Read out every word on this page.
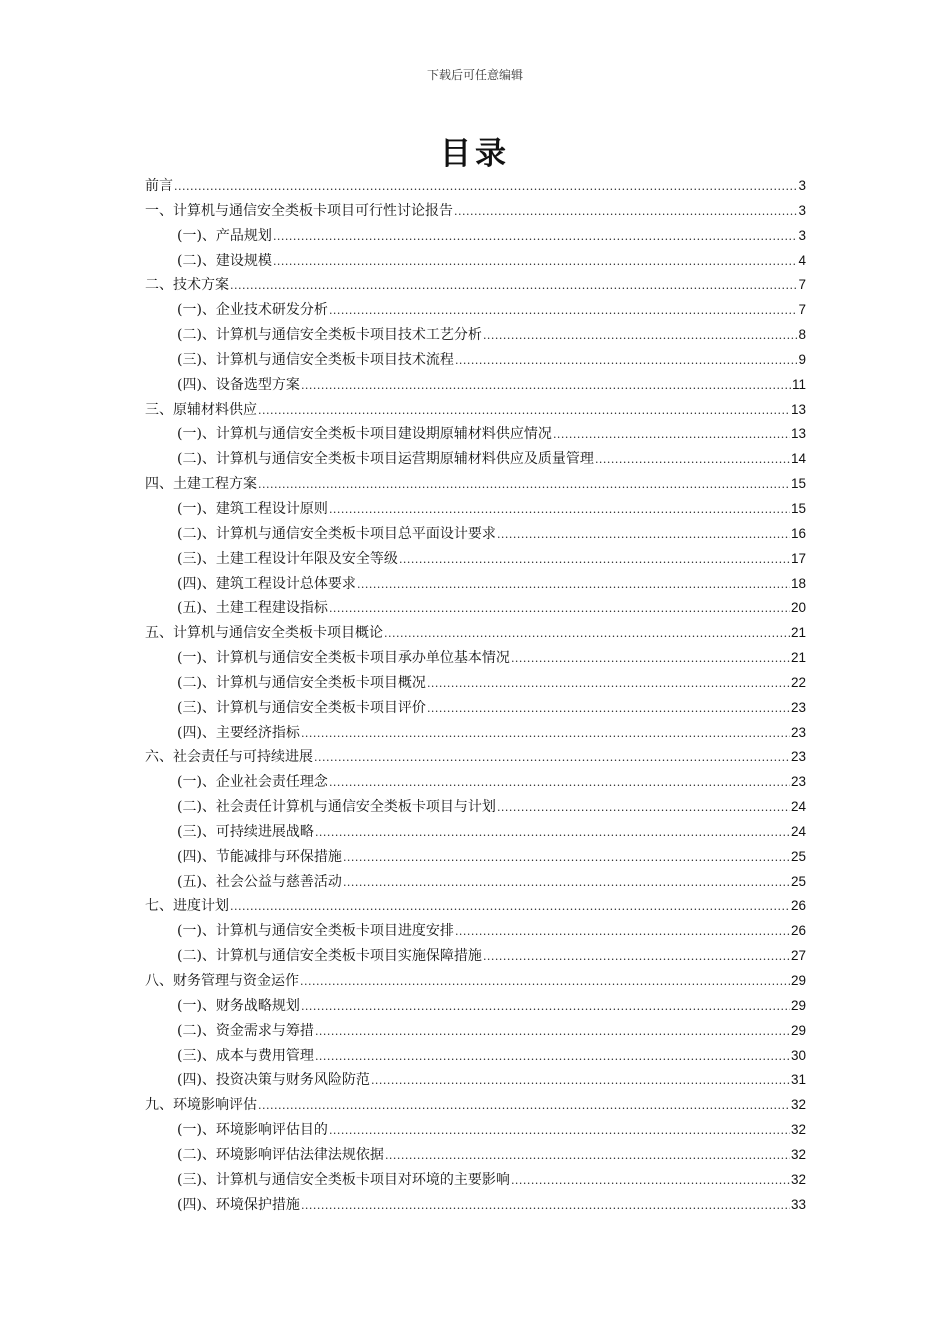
下载后可任意编辑
目录
前言 .....	3
一、计算机与通信安全类板卡项目可行性讨论报告 .....	3
(一)、产品规划 .....	3
(二)、建设规模 .....	4
二、技术方案 .....	7
(一)、企业技术研发分析 .....	7
(二)、计算机与通信安全类板卡项目技术工艺分析 .....	8
(三)、计算机与通信安全类板卡项目技术流程 .....	9
(四)、设备选型方案 .....	11
三、原辅材料供应 .....	13
(一)、计算机与通信安全类板卡项目建设期原辅材料供应情况 .....	13
(二)、计算机与通信安全类板卡项目运营期原辅材料供应及质量管理 .....	14
四、土建工程方案 .....	15
(一)、建筑工程设计原则 .....	15
(二)、计算机与通信安全类板卡项目总平面设计要求 .....	16
(三)、土建工程设计年限及安全等级 .....	17
(四)、建筑工程设计总体要求 .....	18
(五)、土建工程建设指标 .....	20
五、计算机与通信安全类板卡项目概论 .....	21
(一)、计算机与通信安全类板卡项目承办单位基本情况 .....	21
(二)、计算机与通信安全类板卡项目概况 .....	22
(三)、计算机与通信安全类板卡项目评价 .....	23
(四)、主要经济指标 .....	23
六、社会责任与可持续进展 .....	23
(一)、企业社会责任理念 .....	23
(二)、社会责任计算机与通信安全类板卡项目与计划 .....	24
(三)、可持续进展战略 .....	24
(四)、节能减排与环保措施 .....	25
(五)、社会公益与慈善活动 .....	25
七、进度计划 .....	26
(一)、计算机与通信安全类板卡项目进度安排 .....	26
(二)、计算机与通信安全类板卡项目实施保障措施 .....	27
八、财务管理与资金运作 .....	29
(一)、财务战略规划 .....	29
(二)、资金需求与筹措 .....	29
(三)、成本与费用管理 .....	30
(四)、投资决策与财务风险防范 .....	31
九、环境影响评估 .....	32
(一)、环境影响评估目的 .....	32
(二)、环境影响评估法律法规依据 .....	32
(三)、计算机与通信安全类板卡项目对环境的主要影响 .....	32
(四)、环境保护措施 .....	33
